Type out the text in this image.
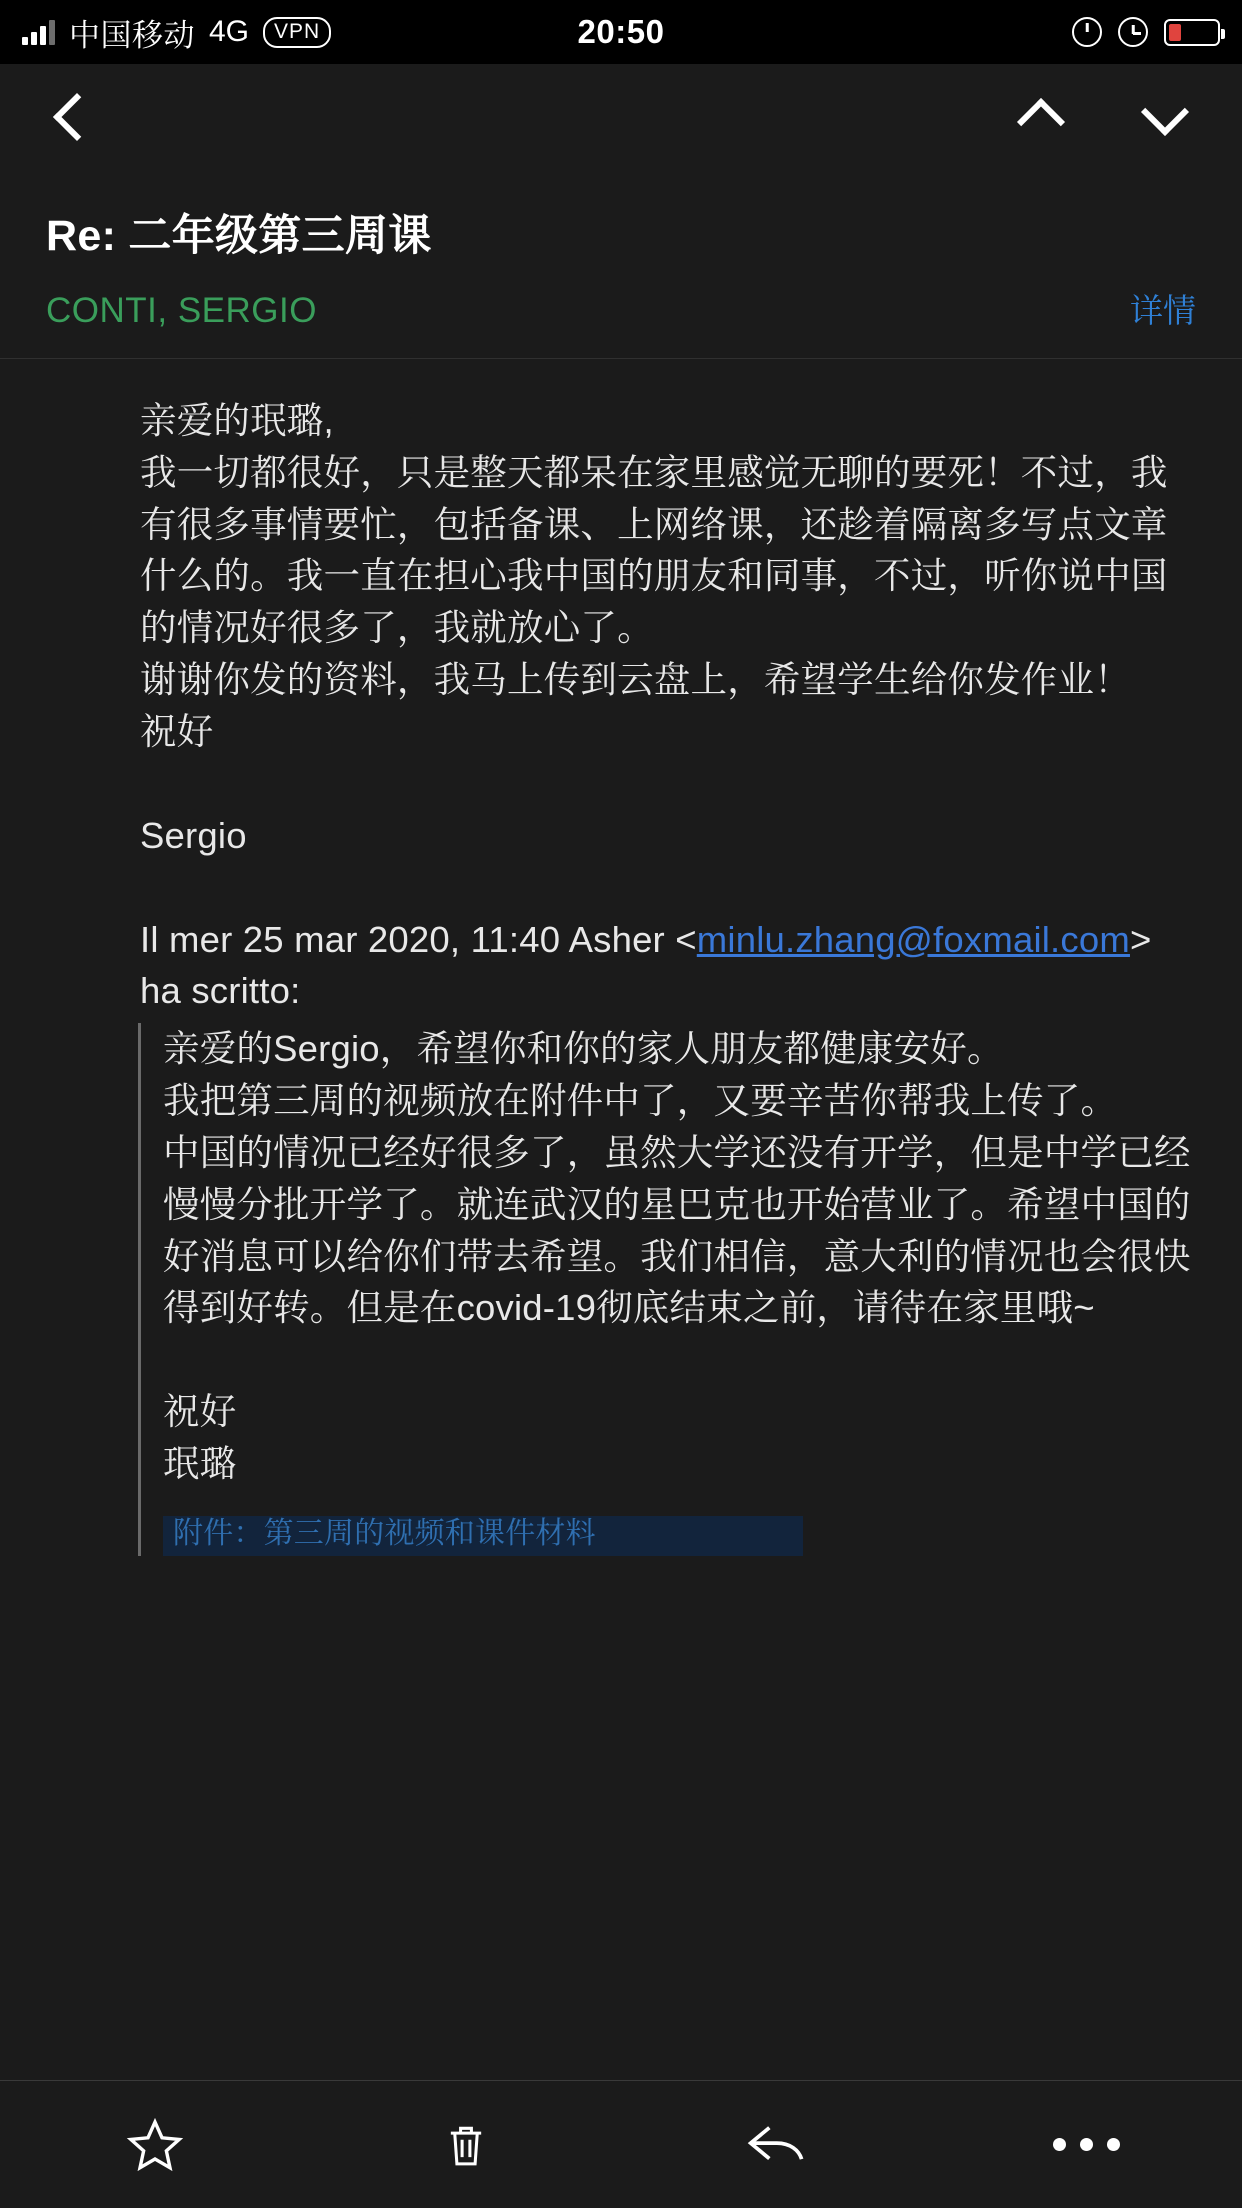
中国移动 4G	VPN	20:50
Re: 二年级第三周课
CONTI, SERGIO	详情

亲爱的珉璐,

我一切都很好，只是整天都呆在家里感觉无聊的要死！不过，我有很多事情要忙，包括备课、上网络课，还趁着隔离多写点文章什么的。我一直在担心我中国的朋友和同事，不过，听你说中国的情况好很多了，我就放心了。

谢谢你发的资料，我马上传到云盘上，希望学生给你发作业！

祝好

Sergio

Il mer 25 mar 2020, 11:40 Asher <minlu.zhang@foxmail.com> ha scritto:

亲爱的Sergio，希望你和你的家人朋友都健康安好。

我把第三周的视频放在附件中了，又要辛苦你帮我上传了。

中国的情况已经好很多了，虽然大学还没有开学，但是中学已经慢慢分批开学了。就连武汉的星巴克也开始营业了。希望中国的好消息可以给你们带去希望。我们相信，意大利的情况也会很快得到好转。但是在covid-19彻底结束之前，请待在家里哦~

祝好

珉璐

附件：第三周的视频和课件材料
